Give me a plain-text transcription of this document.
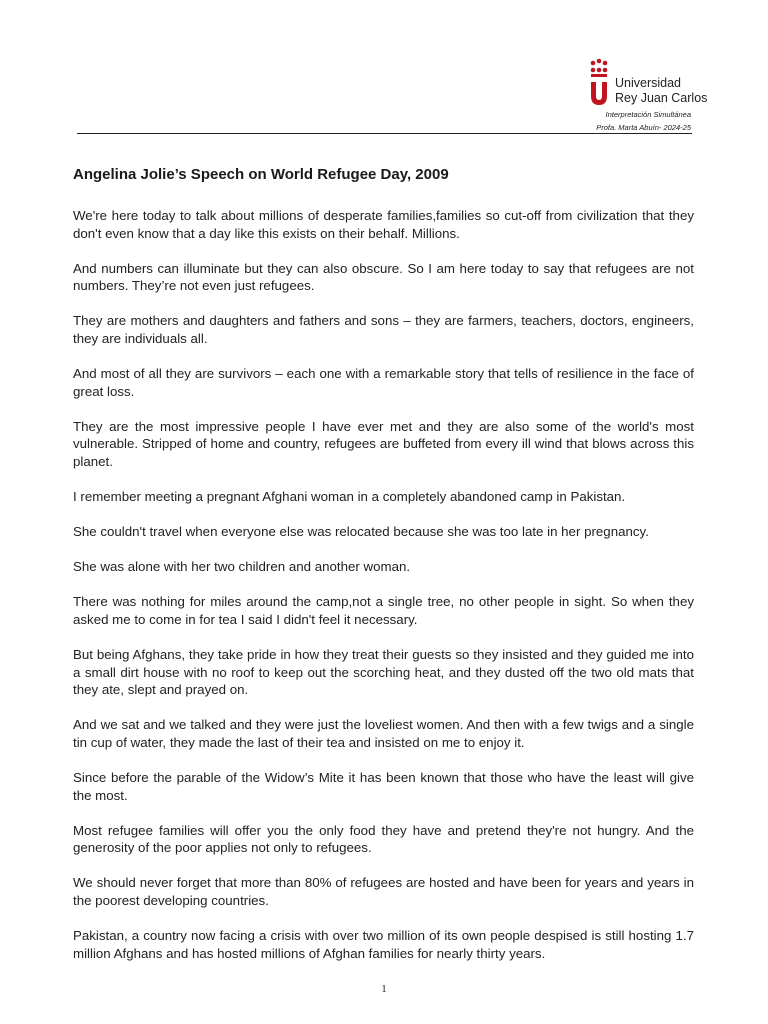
Universidad
Rey Juan Carlos
Interpretación Simultánea
Profa. Marta Abuín- 2024-25
Angelina Jolie’s Speech on World Refugee Day, 2009

We're here today to talk about millions of desperate families,families so cut-off from civilization that they don't even know that a day like this exists on their behalf. Millions.

And numbers can illuminate but they can also obscure. So I am here today to say that refugees are not numbers. They’re not even just refugees.

They are mothers and daughters and fathers and sons – they are farmers, teachers, doctors, engineers, they are individuals all.

And most of all they are survivors – each one with a remarkable story that tells of resilience in the face of great loss.

They are the most impressive people I have ever met and they are also some of the world's most vulnerable. Stripped of home and country, refugees are buffeted from every ill wind that blows across this planet.

I remember meeting a pregnant Afghani woman in a completely abandoned camp in Pakistan.

She couldn't travel when everyone else was relocated because she was too late in her pregnancy.

She was alone with her two children and another woman.

There was nothing for miles around the camp,not a single tree, no other people in sight. So when they asked me to come in for tea I said I didn't feel it necessary.

But being Afghans, they take pride in how they treat their guests so they insisted and they guided me into a small dirt house with no roof to keep out the scorching heat, and they dusted off the two old mats that they ate, slept and prayed on.

And we sat and we talked and they were just the loveliest women. And then with a few twigs and a single tin cup of water, they made the last of their tea and insisted on me to enjoy it.

Since before the parable of the Widow’s Mite it has been known that those who have the least will give the most.

Most refugee families will offer you the only food they have and pretend they're not hungry. And the generosity of the poor applies not only to refugees.

We should never forget that more than 80% of refugees are hosted and have been for years and years in the poorest developing countries.

Pakistan, a country now facing a crisis with over two million of its own people despised is still hosting 1.7 million Afghans and has hosted millions of Afghan families for nearly thirty years.

1
